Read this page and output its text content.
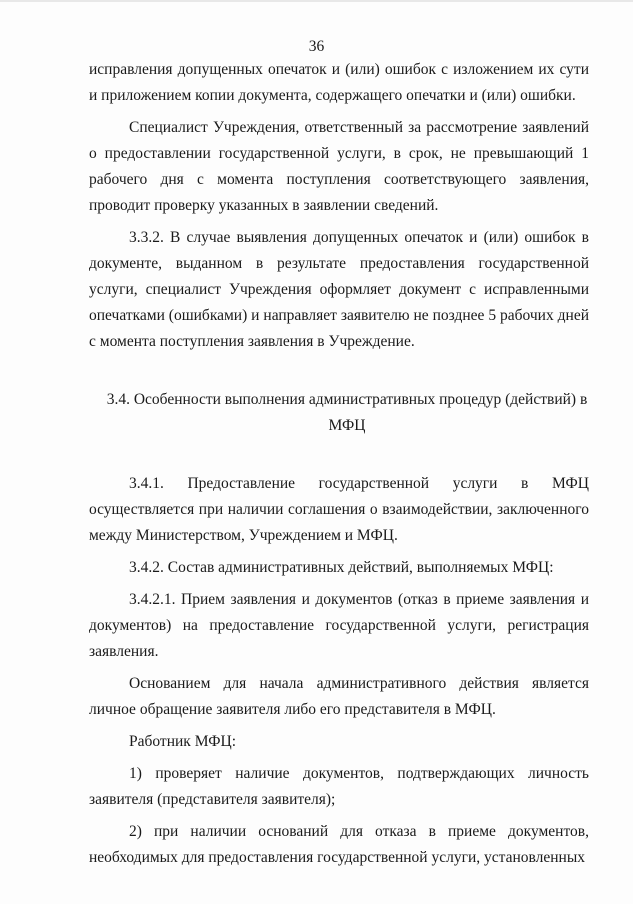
36

исправления допущенных опечаток и (или) ошибок с изложением их сути и приложением копии документа, содержащего опечатки и (или) ошибки.

Специалист Учреждения, ответственный за рассмотрение заявлений о предоставлении государственной услуги, в срок, не превышающий 1 рабочего дня с момента поступления соответствующего заявления, проводит проверку указанных в заявлении сведений.

3.3.2. В случае выявления допущенных опечаток и (или) ошибок в документе, выданном в результате предоставления государственной услуги, специалист Учреждения оформляет документ с исправленными опечатками (ошибками) и направляет заявителю не позднее 5 рабочих дней с момента поступления заявления в Учреждение.

3.4. Особенности выполнения административных процедур (действий) в МФЦ

3.4.1. Предоставление государственной услуги в МФЦ осуществляется при наличии соглашения о взаимодействии, заключенного между Министерством, Учреждением и МФЦ.

3.4.2. Состав административных действий, выполняемых МФЦ:

3.4.2.1. Прием заявления и документов (отказ в приеме заявления и документов) на предоставление государственной услуги, регистрация заявления.

Основанием для начала административного действия является личное обращение заявителя либо его представителя в МФЦ.

Работник МФЦ:

1) проверяет наличие документов, подтверждающих личность заявителя (представителя заявителя);

2) при наличии оснований для отказа в приеме документов, необходимых для предоставления государственной услуги, установленных
